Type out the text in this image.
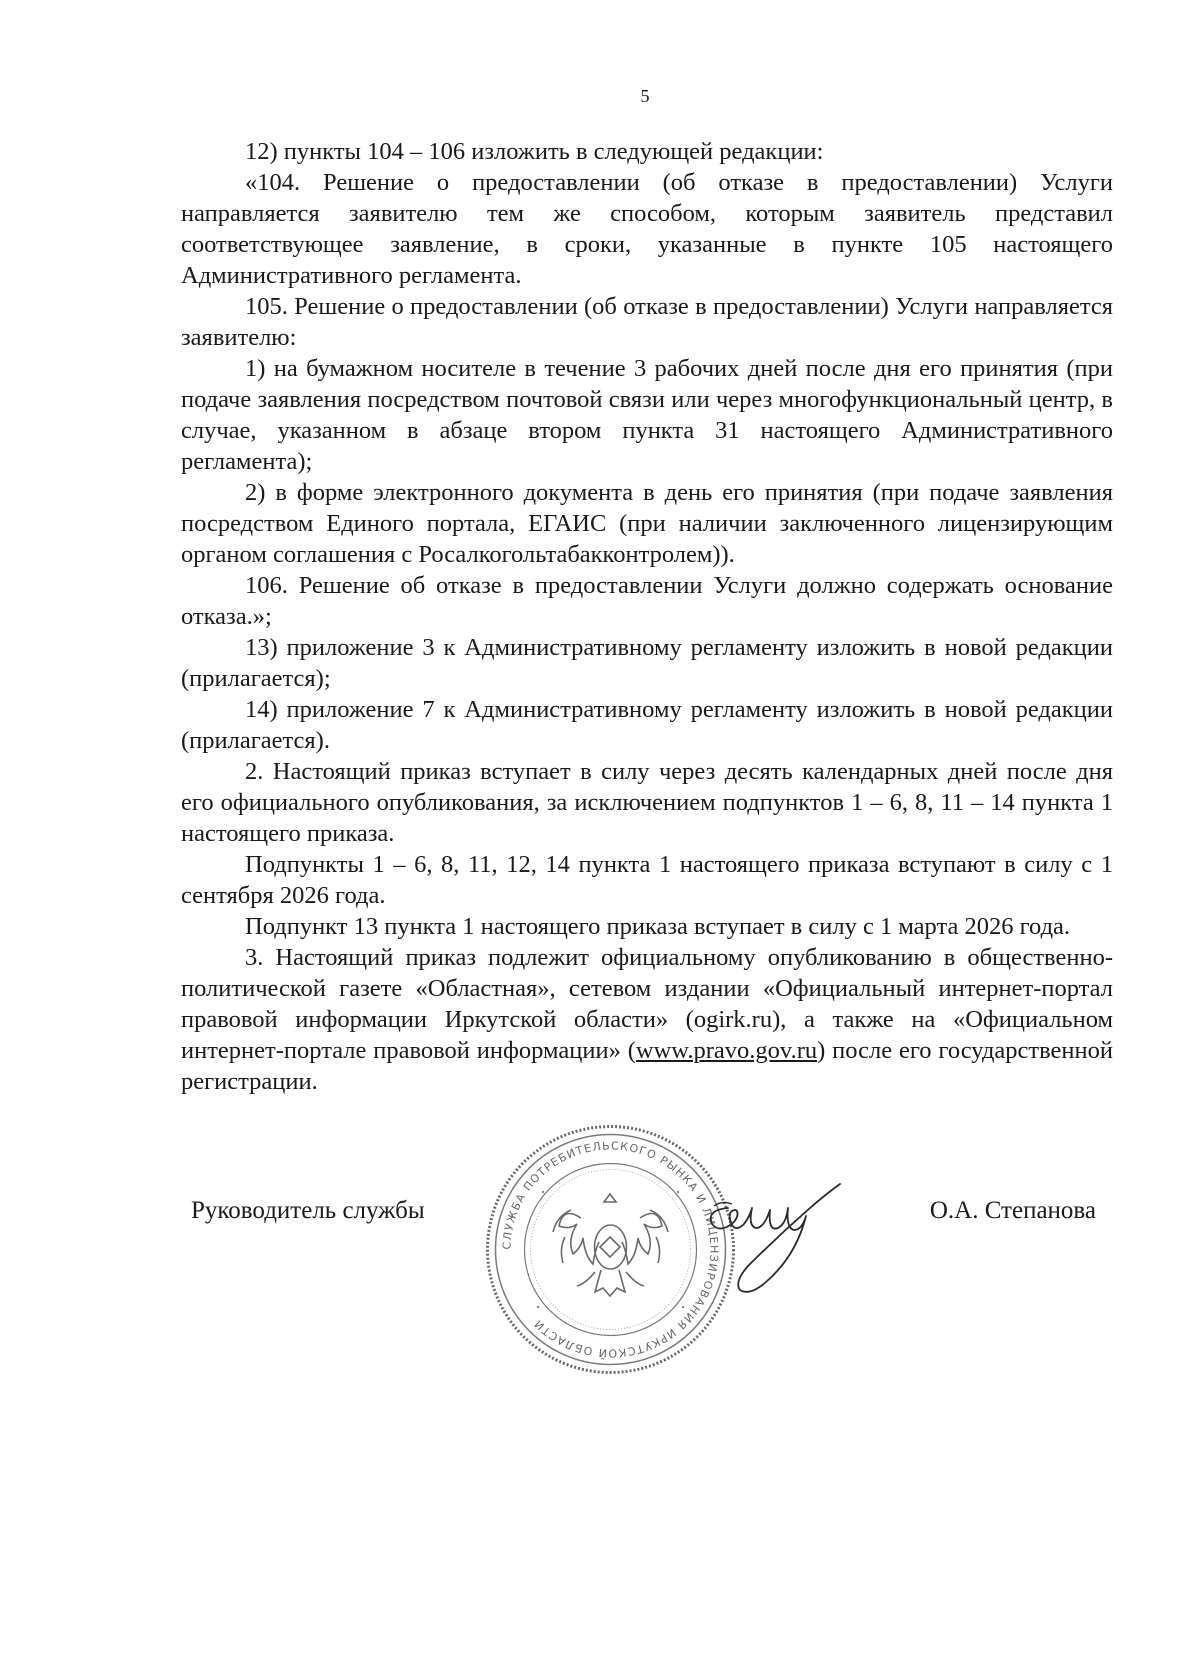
5

12) пункты 104 – 106 изложить в следующей редакции:

«104. Решение о предоставлении (об отказе в предоставлении) Услуги направляется заявителю тем же способом, которым заявитель представил соответствующее заявление, в сроки, указанные в пункте 105 настоящего Административного регламента.

105. Решение о предоставлении (об отказе в предоставлении) Услуги направляется заявителю:

1) на бумажном носителе в течение 3 рабочих дней после дня его принятия (при подаче заявления посредством почтовой связи или через многофункциональный центр, в случае, указанном в абзаце втором пункта 31 настоящего Административного регламента);

2) в форме электронного документа в день его принятия (при подаче заявления посредством Единого портала, ЕГАИС (при наличии заключенного лицензирующим органом соглашения с Росалкогольтабакконтролем)).

106. Решение об отказе в предоставлении Услуги должно содержать основание отказа.»;

13) приложение 3 к Административному регламенту изложить в новой редакции (прилагается);

14) приложение 7 к Административному регламенту изложить в новой редакции (прилагается).

2. Настоящий приказ вступает в силу через десять календарных дней после дня его официального опубликования, за исключением подпунктов 1 – 6, 8, 11 – 14 пункта 1 настоящего приказа.

Подпункты 1 – 6, 8, 11, 12, 14 пункта 1 настоящего приказа вступают в силу с 1 сентября 2026 года.

Подпункт 13 пункта 1 настоящего приказа вступает в силу с 1 марта 2026 года.

3. Настоящий приказ подлежит официальному опубликованию в общественно-политической газете «Областная», сетевом издании «Официальный интернет-портал правовой информации Иркутской области» (ogirk.ru), а также на «Официальном интернет-портале правовой информации» (www.pravo.gov.ru) после его государственной регистрации.

Руководитель службы	О.А. Степанова
СЛУЖБА ПОТРЕБИТЕЛЬСКОГО РЫНКА И ЛИЦЕНЗИРОВАНИЯ ИРКУТСКОЙ ОБЛАСТИ
